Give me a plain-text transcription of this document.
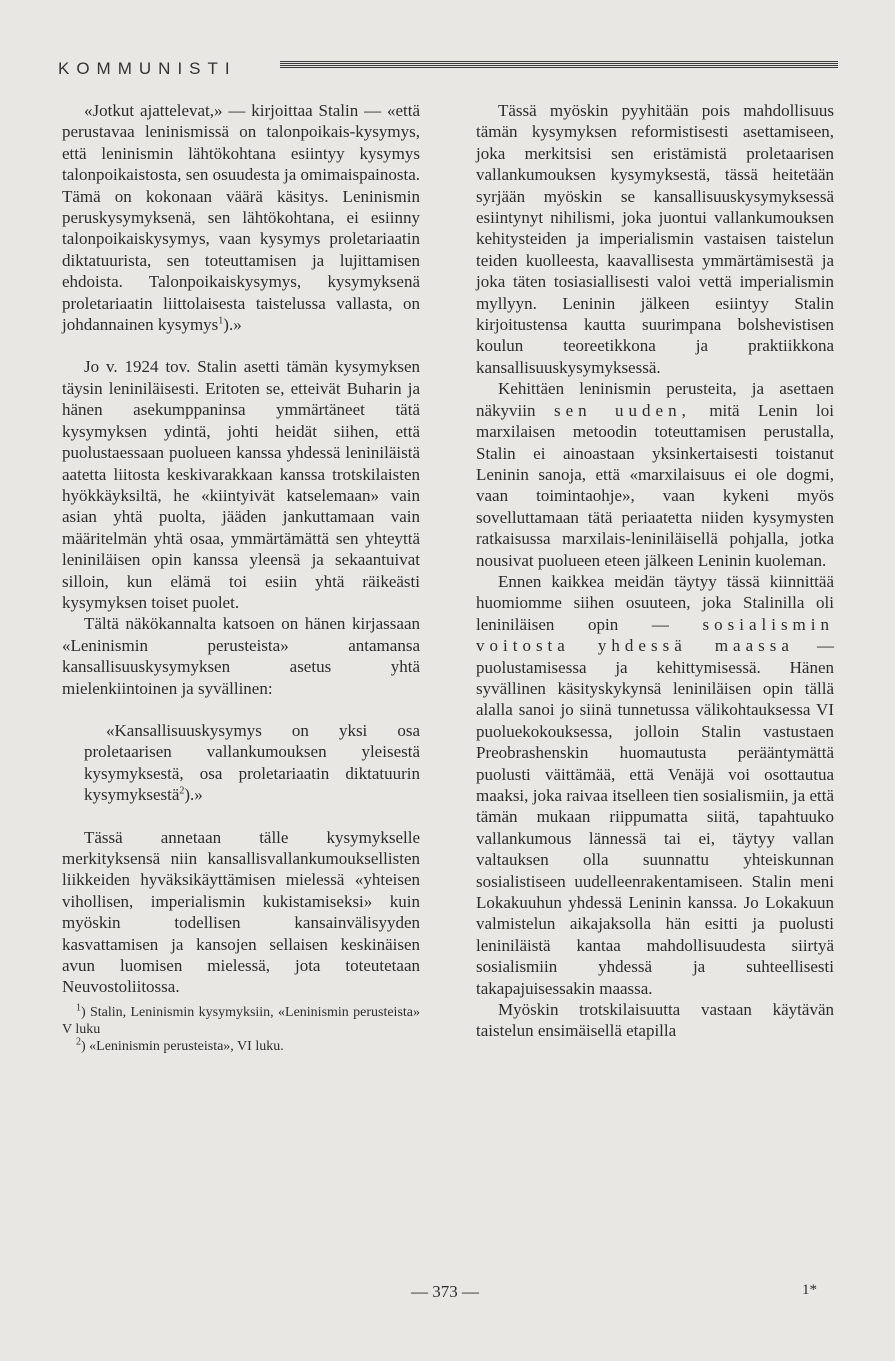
KOMMUNISTI

«Jotkut ajattelevat,» — kirjoittaa Stalin — «että perustavaa leninismissä on talonpoikais-kysymys, että leninismin lähtökohtana esiintyy kysymys talonpoikaistosta, sen osuudesta ja omimaispainosta. Tämä on kokonaan väärä käsitys. Leninismin peruskysymyksenä, sen lähtökohtana, ei esiinny talonpoikaiskysymys, vaan kysymys proletariaatin diktatuurista, sen toteuttamisen ja lujittamisen ehdoista. Talonpoikaiskysymys, kysymyksenä proletariaatin liittolaisesta taistelussa vallasta, on johdannainen kysymys$^1$).»

Jo v. 1924 tov. Stalin asetti tämän kysymyksen täysin leniniläisesti. Eritoten se, etteivät Buharin ja hänen asekumppaninsa ymmärtäneet tätä kysymyksen ydintä, johti heidät siihen, että puolustaessaan puolueen kanssa yhdessä leniniläistä aatetta liitosta keskivarakkaan kanssa trotskilaisten hyökkäyksiltä, he «kiintyivät katselemaan» vain asian yhtä puolta, jääden jankuttamaan vain määritelmän yhtä osaa, ymmärtämättä sen yhteyttä leniniläisen opin kanssa yleensä ja sekaantuivat silloin, kun elämä toi esiin yhtä räikeästi kysymyksen toiset puolet.

Tältä näkökannalta katsoen on hänen kirjassaan «Leninismin perusteista» antamansa kansallisuuskysymyksen asetus yhtä mielenkiintoinen ja syvällinen:

«Kansallisuuskysymys on yksi osa proletaarisen vallankumouksen yleisestä kysymyksestä, osa proletariaatin diktatuurin kysymyksestä$^2$).»

Tässä annetaan tälle kysymykselle merkityksensä niin kansallisvallankumouksellisten liikkeiden hyväksikäyttämisen mielessä «yhteisen vihollisen, imperialismin kukistamiseksi» kuin myöskin todellisen kansainvälisyyden kasvattamisen ja kansojen sellaisen keskinäisen avun luomisen mielessä, jota toteutetaan Neuvostoliitossa.

$^1$) Stalin, Leninismin kysymyksiin, «Leninismin perusteista» V luku

$^2$) «Leninismin perusteista», VI luku.

Tässä myöskin pyyhitään pois mahdollisuus tämän kysymyksen reformistisesti asettamiseen, joka merkitsisi sen eristämistä proletaarisen vallankumouksen kysymyksestä, tässä heitetään syrjään myöskin se kansallisuuskysymyksessä esiintynyt nihilismi, joka juontui vallankumouksen kehitysteiden ja imperialismin vastaisen taistelun teiden kuolleesta, kaavallisesta ymmärtämisestä ja joka täten tosiasiallisesti valoi vettä imperialismin myllyyn. Leninin jälkeen esiintyy Stalin kirjoitustensa kautta suurimpana bolshevistisen koulun teoreetikkona ja praktiikkona kansallisuuskysymyksessä.

Kehittäen leninismin perusteita, ja asettaen näkyviin sen uuden, mitä Lenin loi marxilaisen metoodin toteuttamisen perustalla, Stalin ei ainoastaan yksinkertaisesti toistanut Leninin sanoja, että «marxilaisuus ei ole dogmi, vaan toimintaohje», vaan kykeni myös sovelluttamaan tätä periaatetta niiden kysymysten ratkaisussa marxilais-leniniläisellä pohjalla, jotka nousivat puolueen eteen jälkeen Leninin kuoleman.

Ennen kaikkea meidän täytyy tässä kiinnittää huomiomme siihen osuuteen, joka Stalinilla oli leniniläisen opin — sosialismin voitosta yhdessä maassa — puolustamisessa ja kehittymisessä. Hänen syvällinen käsityskykynsä leniniläisen opin tällä alalla sanoi jo siinä tunnetussa välikohtauksessa VI puoluekokouksessa, jolloin Stalin vastustaen Preobrashenskin huomautusta perääntymättä puolusti väittämää, että Venäjä voi osottautua maaksi, joka raivaa itselleen tien sosialismiin, ja että tämän mukaan riippumatta siitä, tapahtuuko vallankumous lännessä tai ei, täytyy vallan valtauksen olla suunnattu yhteiskunnan sosialistiseen uudelleenrakentamiseen. Stalin meni Lokakuuhun yhdessä Leninin kanssa. Jo Lokakuun valmistelun aikajaksolla hän esitti ja puolusti leniniläistä kantaa mahdollisuudesta siirtyä sosialismiin yhdessä ja suhteellisesti takapajuisessakin maassa.

Myöskin trotskilaisuutta vastaan käytävän taistelun ensimäisellä etapilla

— 373 —	1*
